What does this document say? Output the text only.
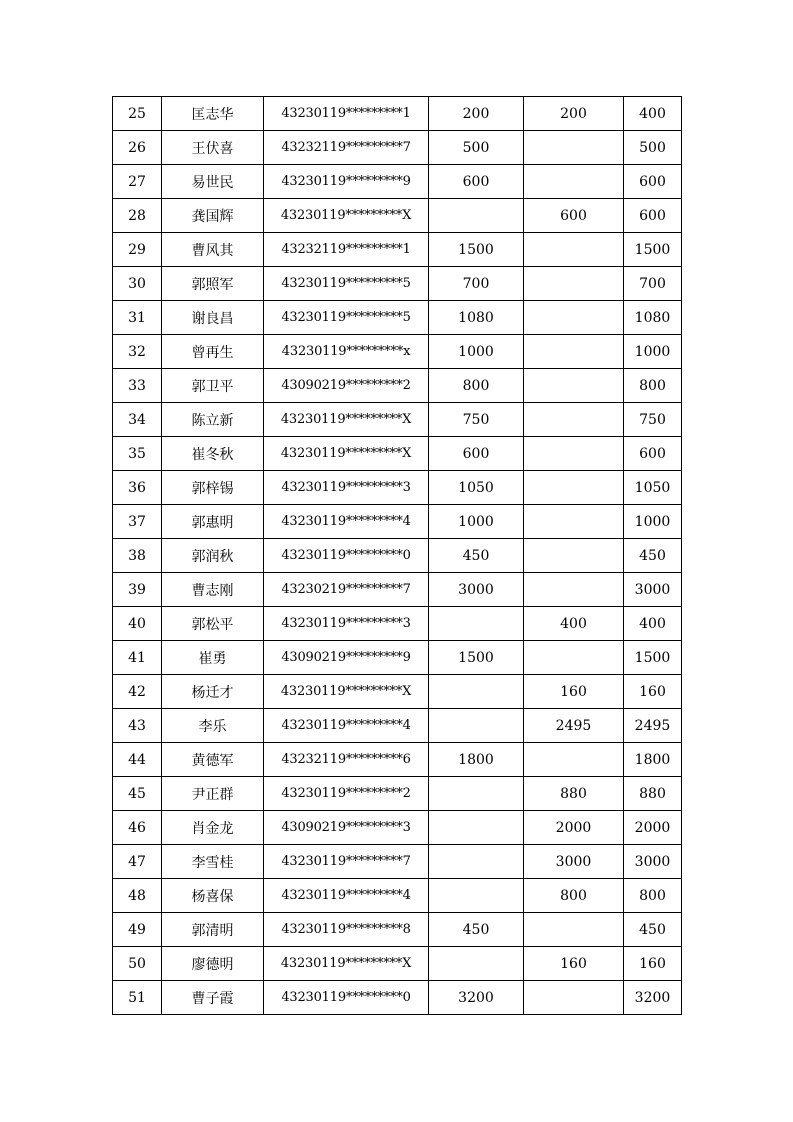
25	匡志华	43230119*********1	200	200	400
26	王伏喜	43232119*********7	500		500
27	易世民	43230119*********9	600		600
28	龚国辉	43230119*********X		600	600
29	曹风其	43232119*********1	1500		1500
30	郭照军	43230119*********5	700		700
31	谢良昌	43230119*********5	1080		1080
32	曾再生	43230119*********x	1000		1000
33	郭卫平	43090219*********2	800		800
34	陈立新	43230119*********X	750		750
35	崔冬秋	43230119*********X	600		600
36	郭梓锡	43230119*********3	1050		1050
37	郭惠明	43230119*********4	1000		1000
38	郭润秋	43230119*********0	450		450
39	曹志刚	43230219*********7	3000		3000
40	郭松平	43230119*********3		400	400
41	崔勇	43090219*********9	1500		1500
42	杨迁才	43230119*********X		160	160
43	李乐	43230119*********4		2495	2495
44	黄德军	43232119*********6	1800		1800
45	尹正群	43230119*********2		880	880
46	肖金龙	43090219*********3		2000	2000
47	李雪桂	43230119*********7		3000	3000
48	杨喜保	43230119*********4		800	800
49	郭清明	43230119*********8	450		450
50	廖德明	43230119*********X		160	160
51	曹子霞	43230119*********0	3200		3200
